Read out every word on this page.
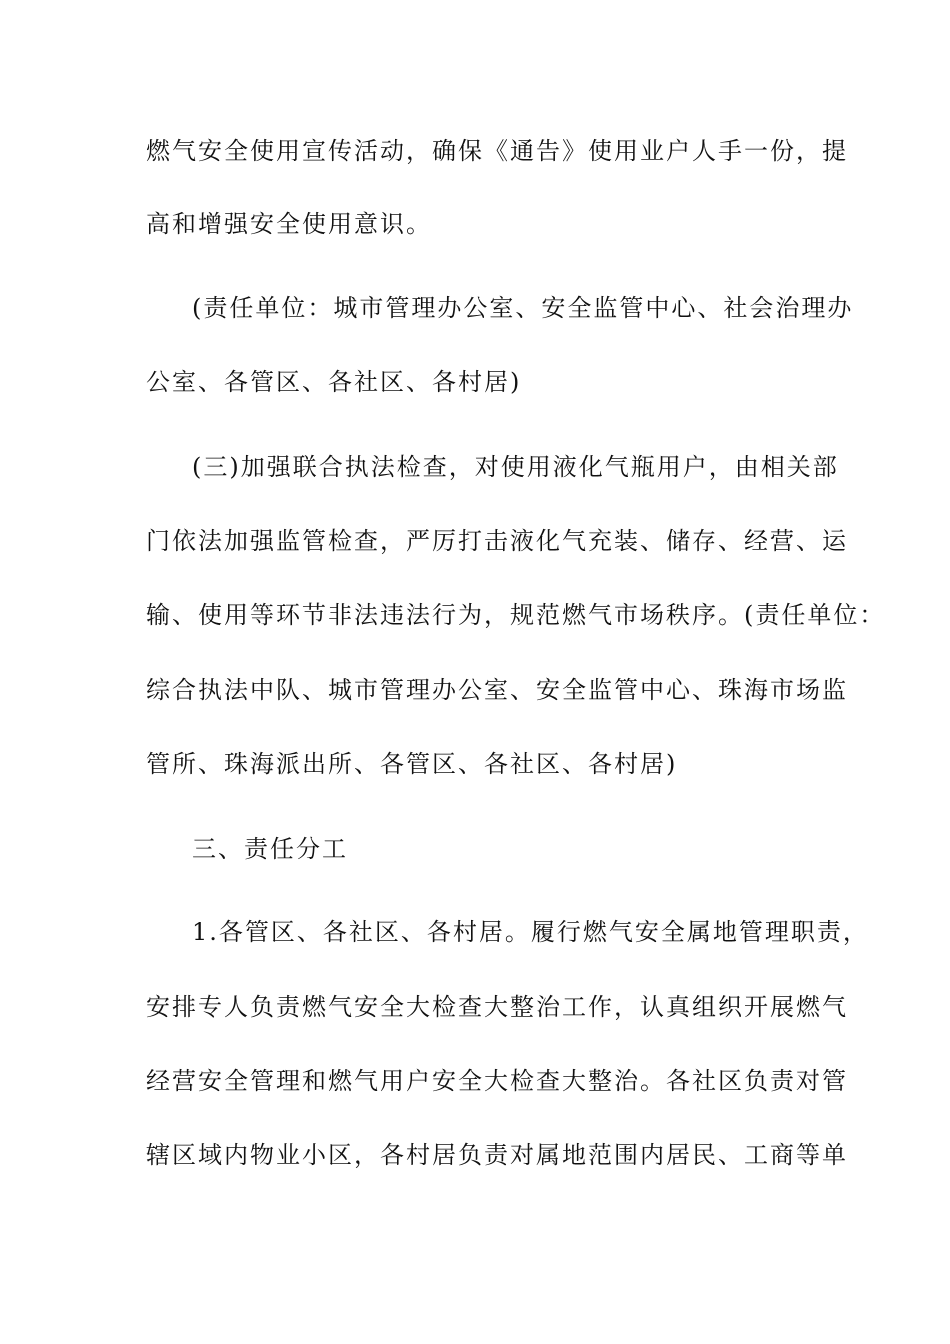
燃气安全使用宣传活动，确保《通告》使用业户人手一份，提
高和增强安全使用意识。
(责任单位：城市管理办公室、安全监管中心、社会治理办
公室、各管区、各社区、各村居)
(三)加强联合执法检查，对使用液化气瓶用户，由相关部
门依法加强监管检查，严厉打击液化气充装、储存、经营、运
输、使用等环节非法违法行为，规范燃气市场秩序。(责任单位：
综合执法中队、城市管理办公室、安全监管中心、珠海市场监
管所、珠海派出所、各管区、各社区、各村居)
三、责任分工
1.各管区、各社区、各村居。履行燃气安全属地管理职责，
安排专人负责燃气安全大检查大整治工作，认真组织开展燃气
经营安全管理和燃气用户安全大检查大整治。各社区负责对管
辖区域内物业小区，各村居负责对属地范围内居民、工商等单
